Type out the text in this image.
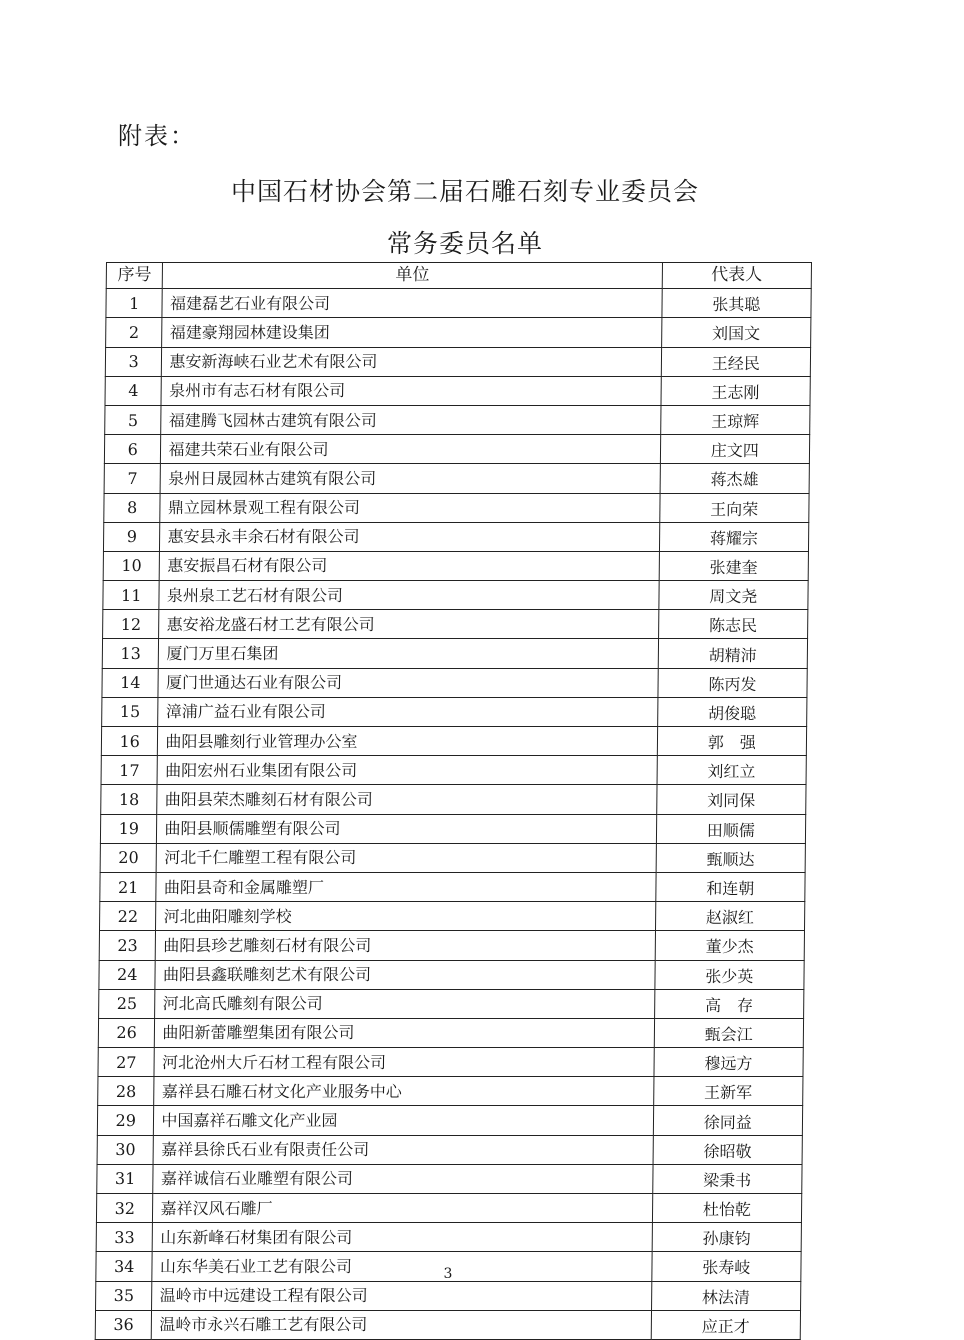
附表：
中国石材协会第二届石雕石刻专业委员会
常务委员名单
序号	单位	代表人
1	福建磊艺石业有限公司	张其聪
2	福建豪翔园林建设集团	刘国文
3	惠安新海峡石业艺术有限公司	王经民
4	泉州市有志石材有限公司	王志刚
5	福建腾飞园林古建筑有限公司	王琼辉
6	福建共荣石业有限公司	庄文四
7	泉州日晟园林古建筑有限公司	蒋杰雄
8	鼎立园林景观工程有限公司	王向荣
9	惠安县永丰余石材有限公司	蒋耀宗
10	惠安振昌石材有限公司	张建奎
11	泉州泉工艺石材有限公司	周文尧
12	惠安裕龙盛石材工艺有限公司	陈志民
13	厦门万里石集团	胡精沛
14	厦门世通达石业有限公司	陈丙发
15	漳浦广益石业有限公司	胡俊聪
16	曲阳县雕刻行业管理办公室	郭　强
17	曲阳宏州石业集团有限公司	刘红立
18	曲阳县荣杰雕刻石材有限公司	刘同保
19	曲阳县顺儒雕塑有限公司	田顺儒
20	河北千仁雕塑工程有限公司	甄顺达
21	曲阳县奇和金属雕塑厂	和连朝
22	河北曲阳雕刻学校	赵淑红
23	曲阳县珍艺雕刻石材有限公司	董少杰
24	曲阳县鑫联雕刻艺术有限公司	张少英
25	河北高氏雕刻有限公司	高　存
26	曲阳新蕾雕塑集团有限公司	甄会江
27	河北沧州大斤石材工程有限公司	穆远方
28	嘉祥县石雕石材文化产业服务中心	王新军
29	中国嘉祥石雕文化产业园	徐同益
30	嘉祥县徐氏石业有限责任公司	徐昭敬
31	嘉祥诚信石业雕塑有限公司	梁秉书
32	嘉祥汉风石雕厂	杜怡乾
33	山东新峰石材集团有限公司	孙康钧
34	山东华美石业工艺有限公司	张寿岐
35	温岭市中远建设工程有限公司	林法清
36	温岭市永兴石雕工艺有限公司	应正才
3
